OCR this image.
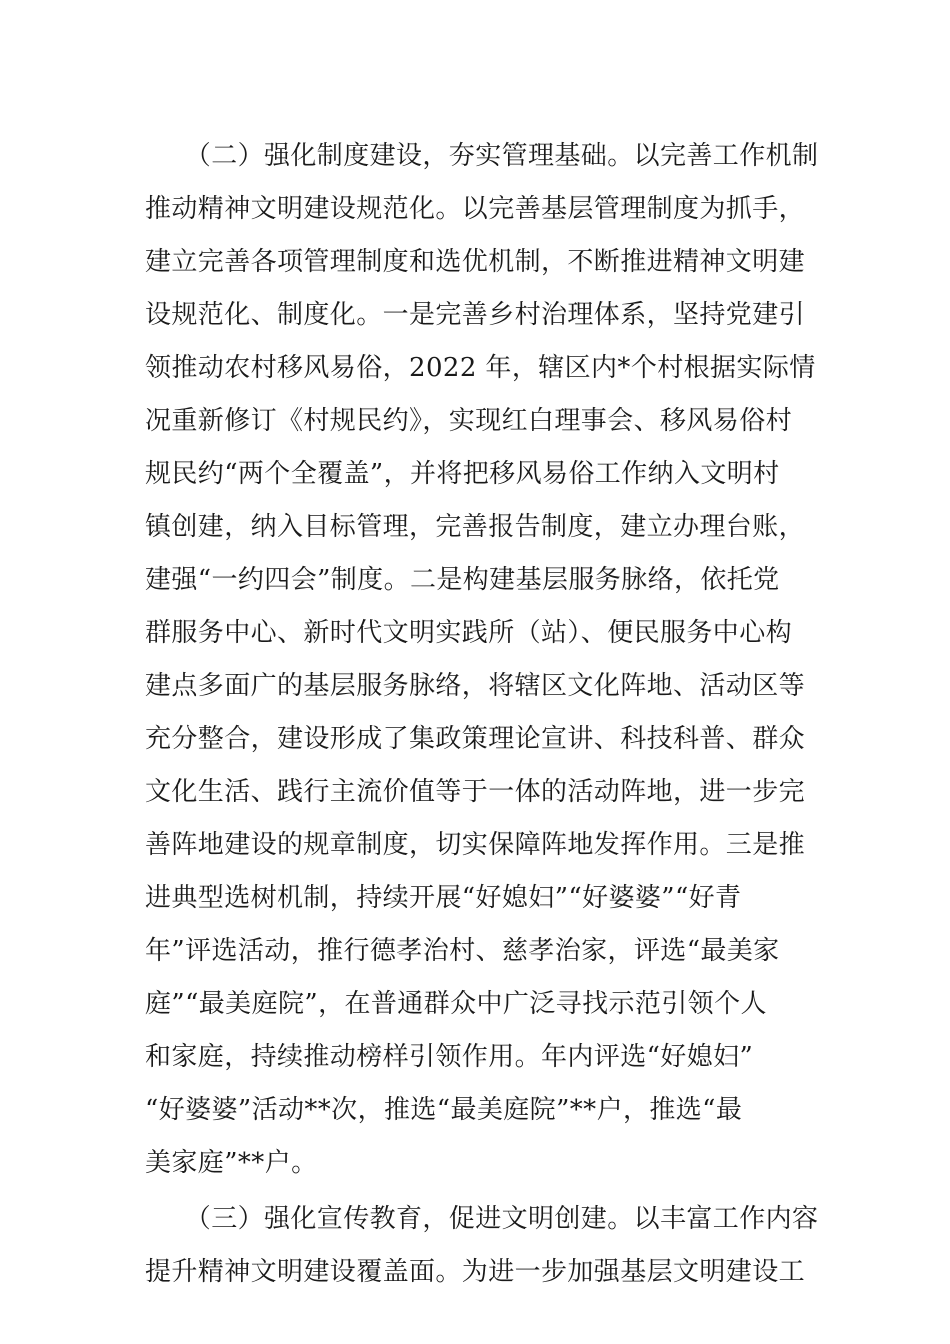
　　（二）强化制度建设，夯实管理基础。以完善工作机制
推动精神文明建设规范化。以完善基层管理制度为抓手，
建立完善各项管理制度和选优机制，不断推进精神文明建
设规范化、制度化。一是完善乡村治理体系，坚持党建引
领推动农村移风易俗，2022 年，辖区内*个村根据实际情
况重新修订《村规民约》，实现红白理事会、移风易俗村
规民约“两个全覆盖”，并将把移风易俗工作纳入文明村
镇创建，纳入目标管理，完善报告制度，建立办理台账，
建强“一约四会”制度。二是构建基层服务脉络，依托党
群服务中心、新时代文明实践所（站）、便民服务中心构
建点多面广的基层服务脉络，将辖区文化阵地、活动区等
充分整合，建设形成了集政策理论宣讲、科技科普、群众
文化生活、践行主流价值等于一体的活动阵地，进一步完
善阵地建设的规章制度，切实保障阵地发挥作用。三是推
进典型选树机制，持续开展“好媳妇”“好婆婆”“好青
年”评选活动，推行德孝治村、慈孝治家，评选“最美家
庭”“最美庭院”，在普通群众中广泛寻找示范引领个人
和家庭，持续推动榜样引领作用。年内评选“好媳妇”
“好婆婆”活动**次，推选“最美庭院”**户，推选“最
美家庭”**户。
　　（三）强化宣传教育，促进文明创建。以丰富工作内容
提升精神文明建设覆盖面。为进一步加强基层文明建设工
